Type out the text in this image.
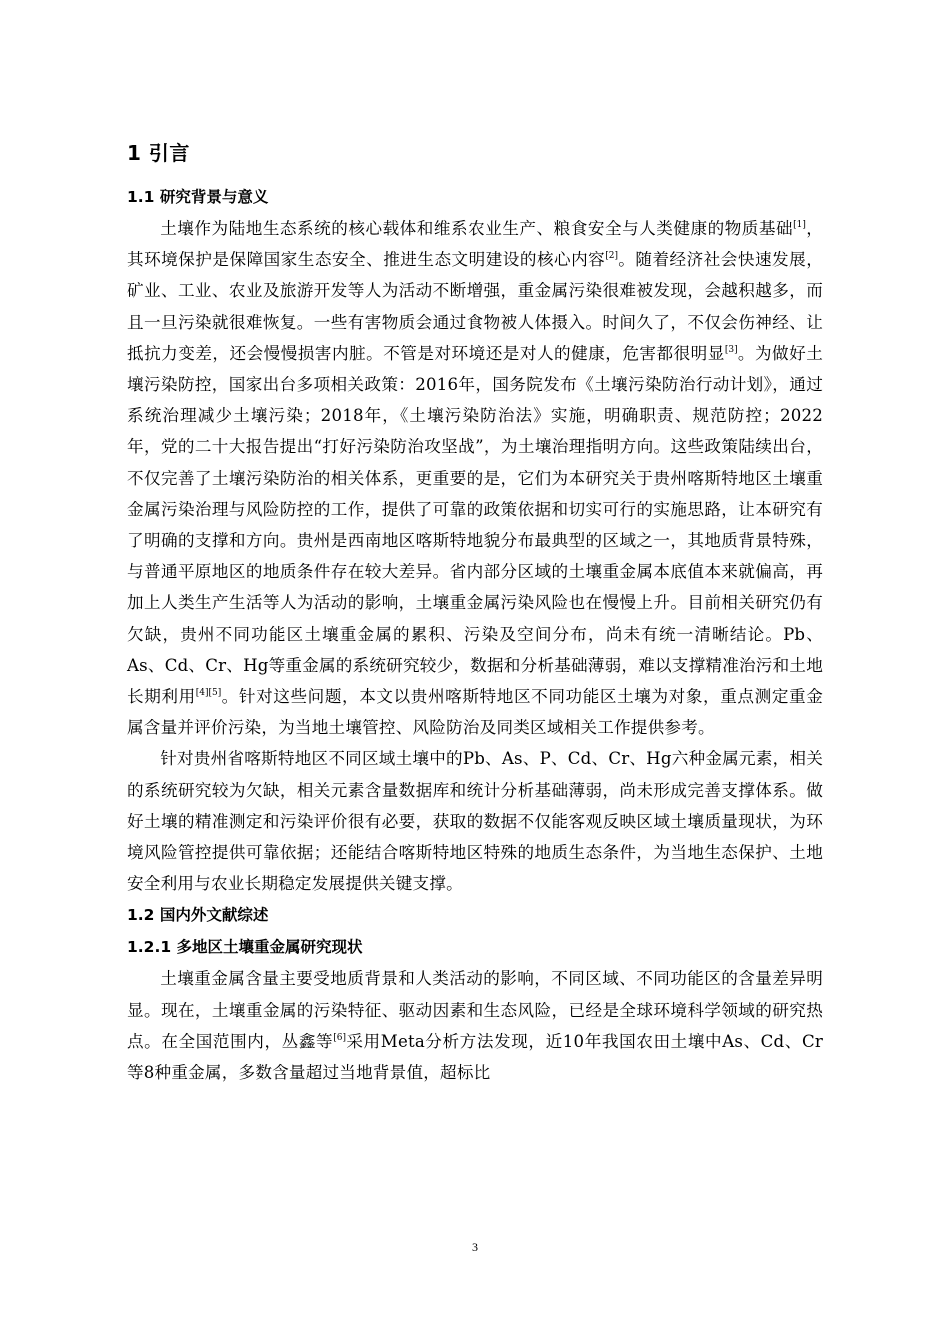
1 引言
1.1 研究背景与意义

土壤作为陆地生态系统的核心载体和维系农业生产、粮食安全与人类健康的物质基础[1]，其环境保护是保障国家生态安全、推进生态文明建设的核心内容[2]。随着经济社会快速发展，矿业、工业、农业及旅游开发等人为活动不断增强，重金属污染很难被发现，会越积越多，而且一旦污染就很难恢复。一些有害物质会通过食物被人体摄入。时间久了，不仅会伤神经、让抵抗力变差，还会慢慢损害内脏。不管是对环境还是对人的健康，危害都很明显[3]。为做好土壤污染防控，国家出台多项相关政策：2016年，国务院发布《土壤污染防治行动计划》，通过系统治理减少土壤污染；2018年，《土壤污染防治法》实施，明确职责、规范防控；2022年，党的二十大报告提出“打好污染防治攻坚战”，为土壤治理指明方向。这些政策陆续出台，不仅完善了土壤污染防治的相关体系，更重要的是，它们为本研究关于贵州喀斯特地区土壤重金属污染治理与风险防控的工作，提供了可靠的政策依据和切实可行的实施思路，让本研究有了明确的支撑和方向。贵州是西南地区喀斯特地貌分布最典型的区域之一，其地质背景特殊，与普通平原地区的地质条件存在较大差异。省内部分区域的土壤重金属本底值本来就偏高，再加上人类生产生活等人为活动的影响，土壤重金属污染风险也在慢慢上升。目前相关研究仍有欠缺，贵州不同功能区土壤重金属的累积、污染及空间分布，尚未有统一清晰结论。Pb、As、Cd、Cr、Hg等重金属的系统研究较少，数据和分析基础薄弱，难以支撑精准治污和土地长期利用[4][5]。针对这些问题，本文以贵州喀斯特地区不同功能区土壤为对象，重点测定重金属含量并评价污染，为当地土壤管控、风险防治及同类区域相关工作提供参考。

针对贵州省喀斯特地区不同区域土壤中的Pb、As、P、Cd、Cr、Hg六种金属元素，相关的系统研究较为欠缺，相关元素含量数据库和统计分析基础薄弱，尚未形成完善支撑体系。做好土壤的精准测定和污染评价很有必要，获取的数据不仅能客观反映区域土壤质量现状，为环境风险管控提供可靠依据；还能结合喀斯特地区特殊的地质生态条件，为当地生态保护、土地安全利用与农业长期稳定发展提供关键支撑。

1.2 国内外文献综述
1.2.1 多地区土壤重金属研究现状

土壤重金属含量主要受地质背景和人类活动的影响，不同区域、不同功能区的含量差异明显。现在，土壤重金属的污染特征、驱动因素和生态风险，已经是全球环境科学领域的研究热点。在全国范围内，丛鑫等[6]采用Meta分析方法发现，近10年我国农田土壤中As、Cd、Cr等8种重金属，多数含量超过当地背景值，超标比

3
